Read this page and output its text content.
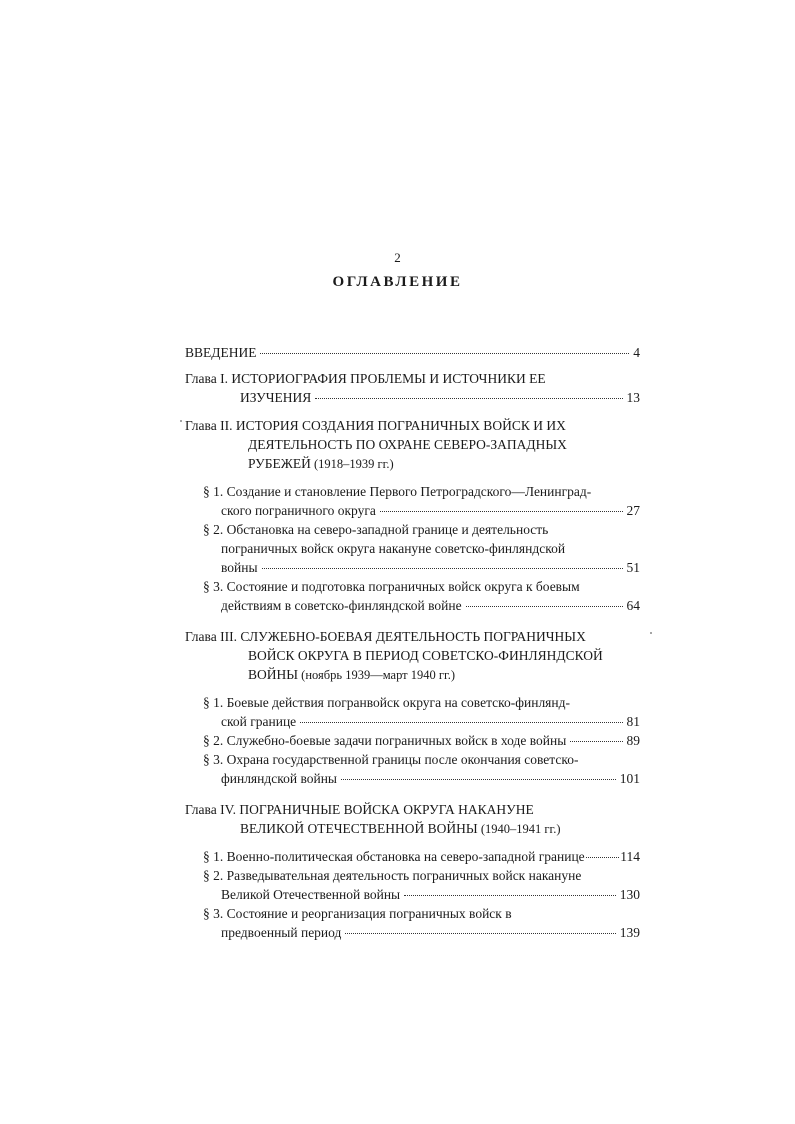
2
ОГЛАВЛЕНИЕ
ВВЕДЕНИЕ	4
Глава I. ИСТОРИОГРАФИЯ ПРОБЛЕМЫ И ИСТОЧНИКИ ЕЕ
ИЗУЧЕНИЯ	13
Глава II. ИСТОРИЯ СОЗДАНИЯ ПОГРАНИЧНЫХ ВОЙСК И ИХ
ДЕЯТЕЛЬНОСТЬ ПО ОХРАНЕ СЕВЕРО-ЗАПАДНЫХ
РУБЕЖЕЙ (1918–1939 гг.)
§ 1. Создание и становление Первого Петроградского—Ленинград-
ского пограничного округа	27
§ 2. Обстановка на северо-западной границе и деятельность
пограничных войск округа накануне советско-финляндской
войны	51
§ 3. Состояние и подготовка пограничных войск округа к боевым
действиям в советско-финляндской войне	64
Глава III. СЛУЖЕБНО-БОЕВАЯ ДЕЯТЕЛЬНОСТЬ ПОГРАНИЧНЫХ
ВОЙСК ОКРУГА В ПЕРИОД СОВЕТСКО-ФИНЛЯНДСКОЙ
ВОЙНЫ (ноябрь 1939—март 1940 гг.)
§ 1. Боевые действия погранвойск округа на советско-финлянд-
ской границе	81
§ 2. Служебно-боевые задачи пограничных войск в ходе войны	89
§ 3. Охрана государственной границы после окончания советско-
финляндской войны	101
Глава IV. ПОГРАНИЧНЫЕ ВОЙСКА ОКРУГА НАКАНУНЕ
ВЕЛИКОЙ ОТЕЧЕСТВЕННОЙ ВОЙНЫ (1940–1941 гг.)
§ 1. Военно-политическая обстановка на северо-западной границе	114
§ 2. Разведывательная деятельность пограничных войск накануне
Великой Отечественной войны	130
§ 3. Состояние и реорганизация пограничных войск в
предвоенный период	139
